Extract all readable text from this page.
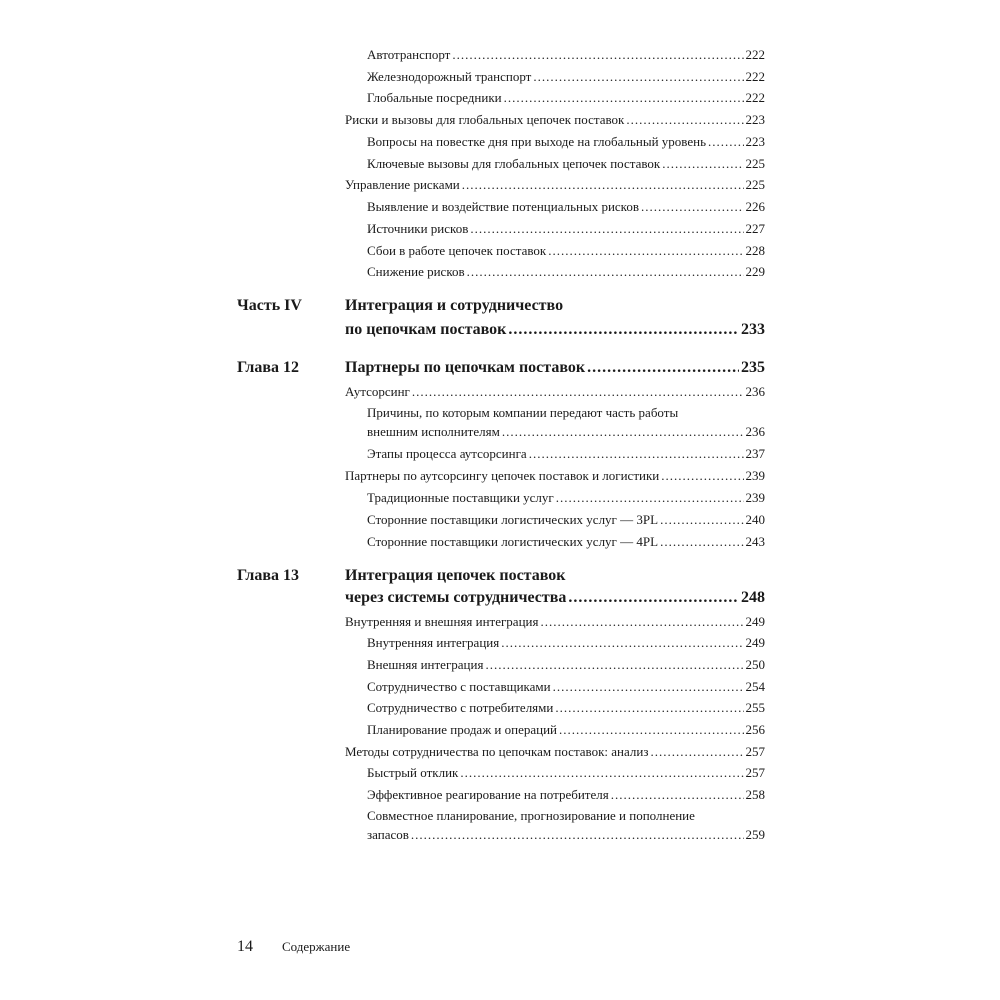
Автотранспорт .....	222
Железнодорожный транспорт .....	222
Глобальные посредники .....	222
Риски и вызовы для глобальных цепочек поставок .....	223
Вопросы на повестке дня при выходе на глобальный уровень .....	223
Ключевые вызовы для глобальных цепочек поставок .....	225
Управление рисками .....	225
Выявление и воздействие потенциальных рисков .....	226
Источники рисков .....	227
Сбои в работе цепочек поставок .....	228
Снижение рисков .....	229
Часть IV	Интеграция и сотрудничество
по цепочкам поставок .....	233
Глава 12	Партнеры по цепочкам поставок .....	235
Аутсорсинг .....	236
Причины, по которым компании передают часть работы
внешним исполнителям .....	236
Этапы процесса аутсорсинга .....	237
Партнеры по аутсорсингу цепочек поставок и логистики .....	239
Традиционные поставщики услуг .....	239
Сторонние поставщики логистических услуг — 3PL .....	240
Сторонние поставщики логистических услуг — 4PL .....	243
Глава 13	Интеграция цепочек поставок
через системы сотрудничества .....	248
Внутренняя и внешняя интеграция .....	249
Внутренняя интеграция .....	249
Внешняя интеграция .....	250
Сотрудничество с поставщиками .....	254
Сотрудничество с потребителями .....	255
Планирование продаж и операций .....	256
Методы сотрудничества по цепочкам поставок: анализ .....	257
Быстрый отклик .....	257
Эффективное реагирование на потребителя .....	258
Совместное планирование, прогнозирование и пополнение
запасов .....	259
14 Содержание
